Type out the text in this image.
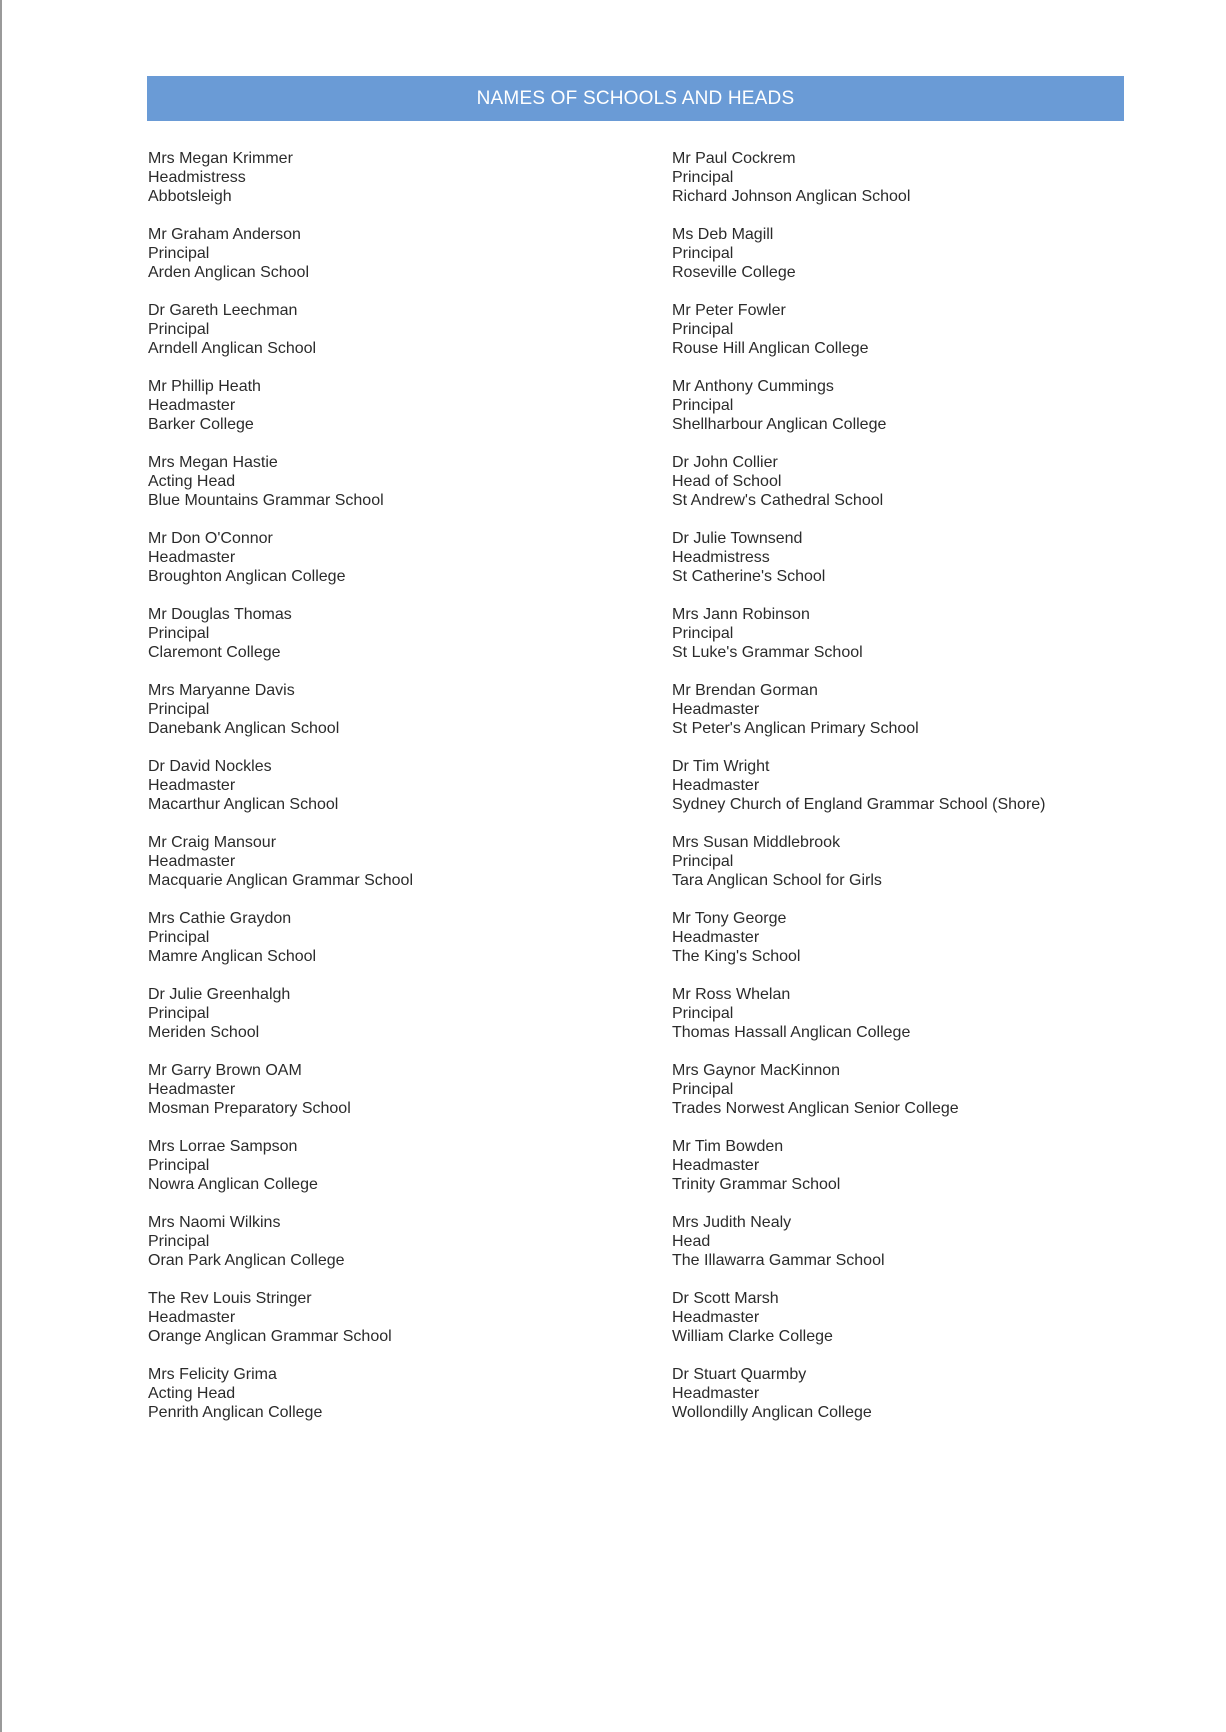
NAMES OF SCHOOLS AND HEADS
Mrs Megan Krimmer
Headmistress
Abbotsleigh
Mr Graham Anderson
Principal
Arden Anglican School
Dr Gareth Leechman
Principal
Arndell Anglican School
Mr Phillip Heath
Headmaster
Barker College
Mrs Megan Hastie
Acting Head
Blue Mountains Grammar School
Mr Don O'Connor
Headmaster
Broughton Anglican College
Mr Douglas Thomas
Principal
Claremont College
Mrs Maryanne Davis
Principal
Danebank Anglican School
Dr David Nockles
Headmaster
Macarthur Anglican School
Mr Craig Mansour
Headmaster
Macquarie Anglican Grammar School
Mrs Cathie Graydon
Principal
Mamre Anglican School
Dr Julie Greenhalgh
Principal
Meriden School
Mr Garry Brown OAM
Headmaster
Mosman Preparatory School
Mrs Lorrae Sampson
Principal
Nowra Anglican College
Mrs Naomi Wilkins
Principal
Oran Park Anglican College
The Rev Louis Stringer
Headmaster
Orange Anglican Grammar School
Mrs Felicity Grima
Acting Head
Penrith Anglican College
Mr Paul Cockrem
Principal
Richard Johnson Anglican School
Ms Deb Magill
Principal
Roseville College
Mr Peter Fowler
Principal
Rouse Hill Anglican College
Mr Anthony Cummings
Principal
Shellharbour Anglican College
Dr John Collier
Head of School
St Andrew's Cathedral School
Dr Julie Townsend
Headmistress
St Catherine's School
Mrs Jann Robinson
Principal
St Luke's Grammar School
Mr Brendan Gorman
Headmaster
St Peter's Anglican Primary School
Dr Tim Wright
Headmaster
Sydney Church of England Grammar School (Shore)
Mrs Susan Middlebrook
Principal
Tara Anglican School for Girls
Mr Tony George
Headmaster
The King's School
Mr Ross Whelan
Principal
Thomas Hassall Anglican College
Mrs Gaynor MacKinnon
Principal
Trades Norwest Anglican Senior College
Mr Tim Bowden
Headmaster
Trinity Grammar School
Mrs Judith Nealy
Head
The Illawarra Gammar School
Dr Scott Marsh
Headmaster
William Clarke College
Dr Stuart Quarmby
Headmaster
Wollondilly Anglican College
